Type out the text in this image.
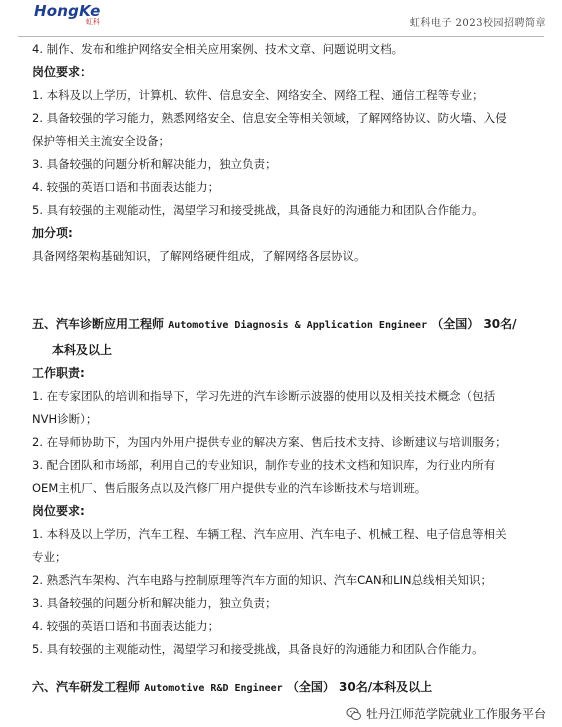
HongKe
虹科	虹科电子 2023校园招聘简章
4. 制作、发布和维护网络安全相关应用案例、技术文章、问题说明文档。
岗位要求：
1. 本科及以上学历，计算机、软件、信息安全、网络安全、网络工程、通信工程等专业；
2. 具备较强的学习能力，熟悉网络安全、信息安全等相关领域，了解网络协议、防火墙、入侵
保护等相关主流安全设备；
3. 具备较强的问题分析和解决能力，独立负责；
4. 较强的英语口语和书面表达能力；
5. 具有较强的主观能动性，渴望学习和接受挑战，具备良好的沟通能力和团队合作能力。
加分项:
具备网络架构基础知识，了解网络硬件组成，了解网络各层协议。
五、汽车诊断应用工程师 Automotive Diagnosis & Application Engineer （全国） 30名/
本科及以上
工作职责:
1. 在专家团队的培训和指导下，学习先进的汽车诊断示波器的使用以及相关技术概念（包括
NVH诊断）；
2. 在导师协助下，为国内外用户提供专业的解决方案、售后技术支持、诊断建议与培训服务；
3. 配合团队和市场部，利用自己的专业知识，制作专业的技术文档和知识库，为行业内所有
OEM主机厂、售后服务点以及汽修厂用户提供专业的汽车诊断技术与培训班。
岗位要求:
1. 本科及以上学历，汽车工程、车辆工程、汽车应用、汽车电子、机械工程、电子信息等相关
专业；
2. 熟悉汽车架构、汽车电路与控制原理等汽车方面的知识、汽车CAN和LIN总线相关知识；
3. 具备较强的问题分析和解决能力，独立负责；
4. 较强的英语口语和书面表达能力；
5. 具有较强的主观能动性，渴望学习和接受挑战，具备良好的沟通能力和团队合作能力。
六、汽车研发工程师 Automotive R&D Engineer （全国） 30名/本科及以上
牡丹江师范学院就业工作服务平台
